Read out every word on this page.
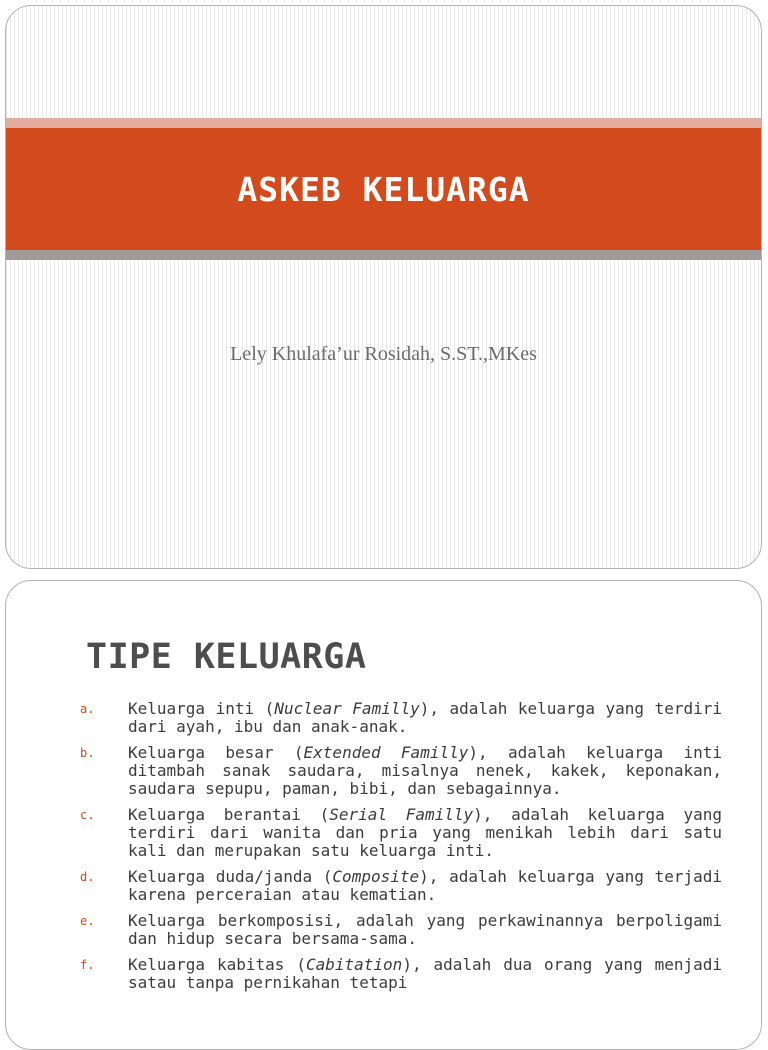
ASKEB KELUARGA
Lely Khulafa’ur Rosidah, S.ST.,MKes
TIPE KELUARGA
a.	Keluarga inti (Nuclear Familly), adalah keluarga yang terdiri dari ayah, ibu dan anak-anak.
b.	Keluarga besar (Extended Familly), adalah keluarga inti ditambah sanak saudara, misalnya nenek, kakek, keponakan, saudara sepupu, paman, bibi, dan sebagainnya.
c.	Keluarga berantai (Serial Familly), adalah keluarga yang terdiri dari wanita dan pria yang menikah lebih dari satu kali dan merupakan satu keluarga inti.
d.	Keluarga duda/janda (Composite), adalah keluarga yang terjadi karena perceraian atau kematian.
e.	Keluarga berkomposisi, adalah yang perkawinannya berpoligami dan hidup secara bersama-sama.
f.	Keluarga kabitas (Cabitation), adalah dua orang yang menjadi satau tanpa pernikahan tetapi
